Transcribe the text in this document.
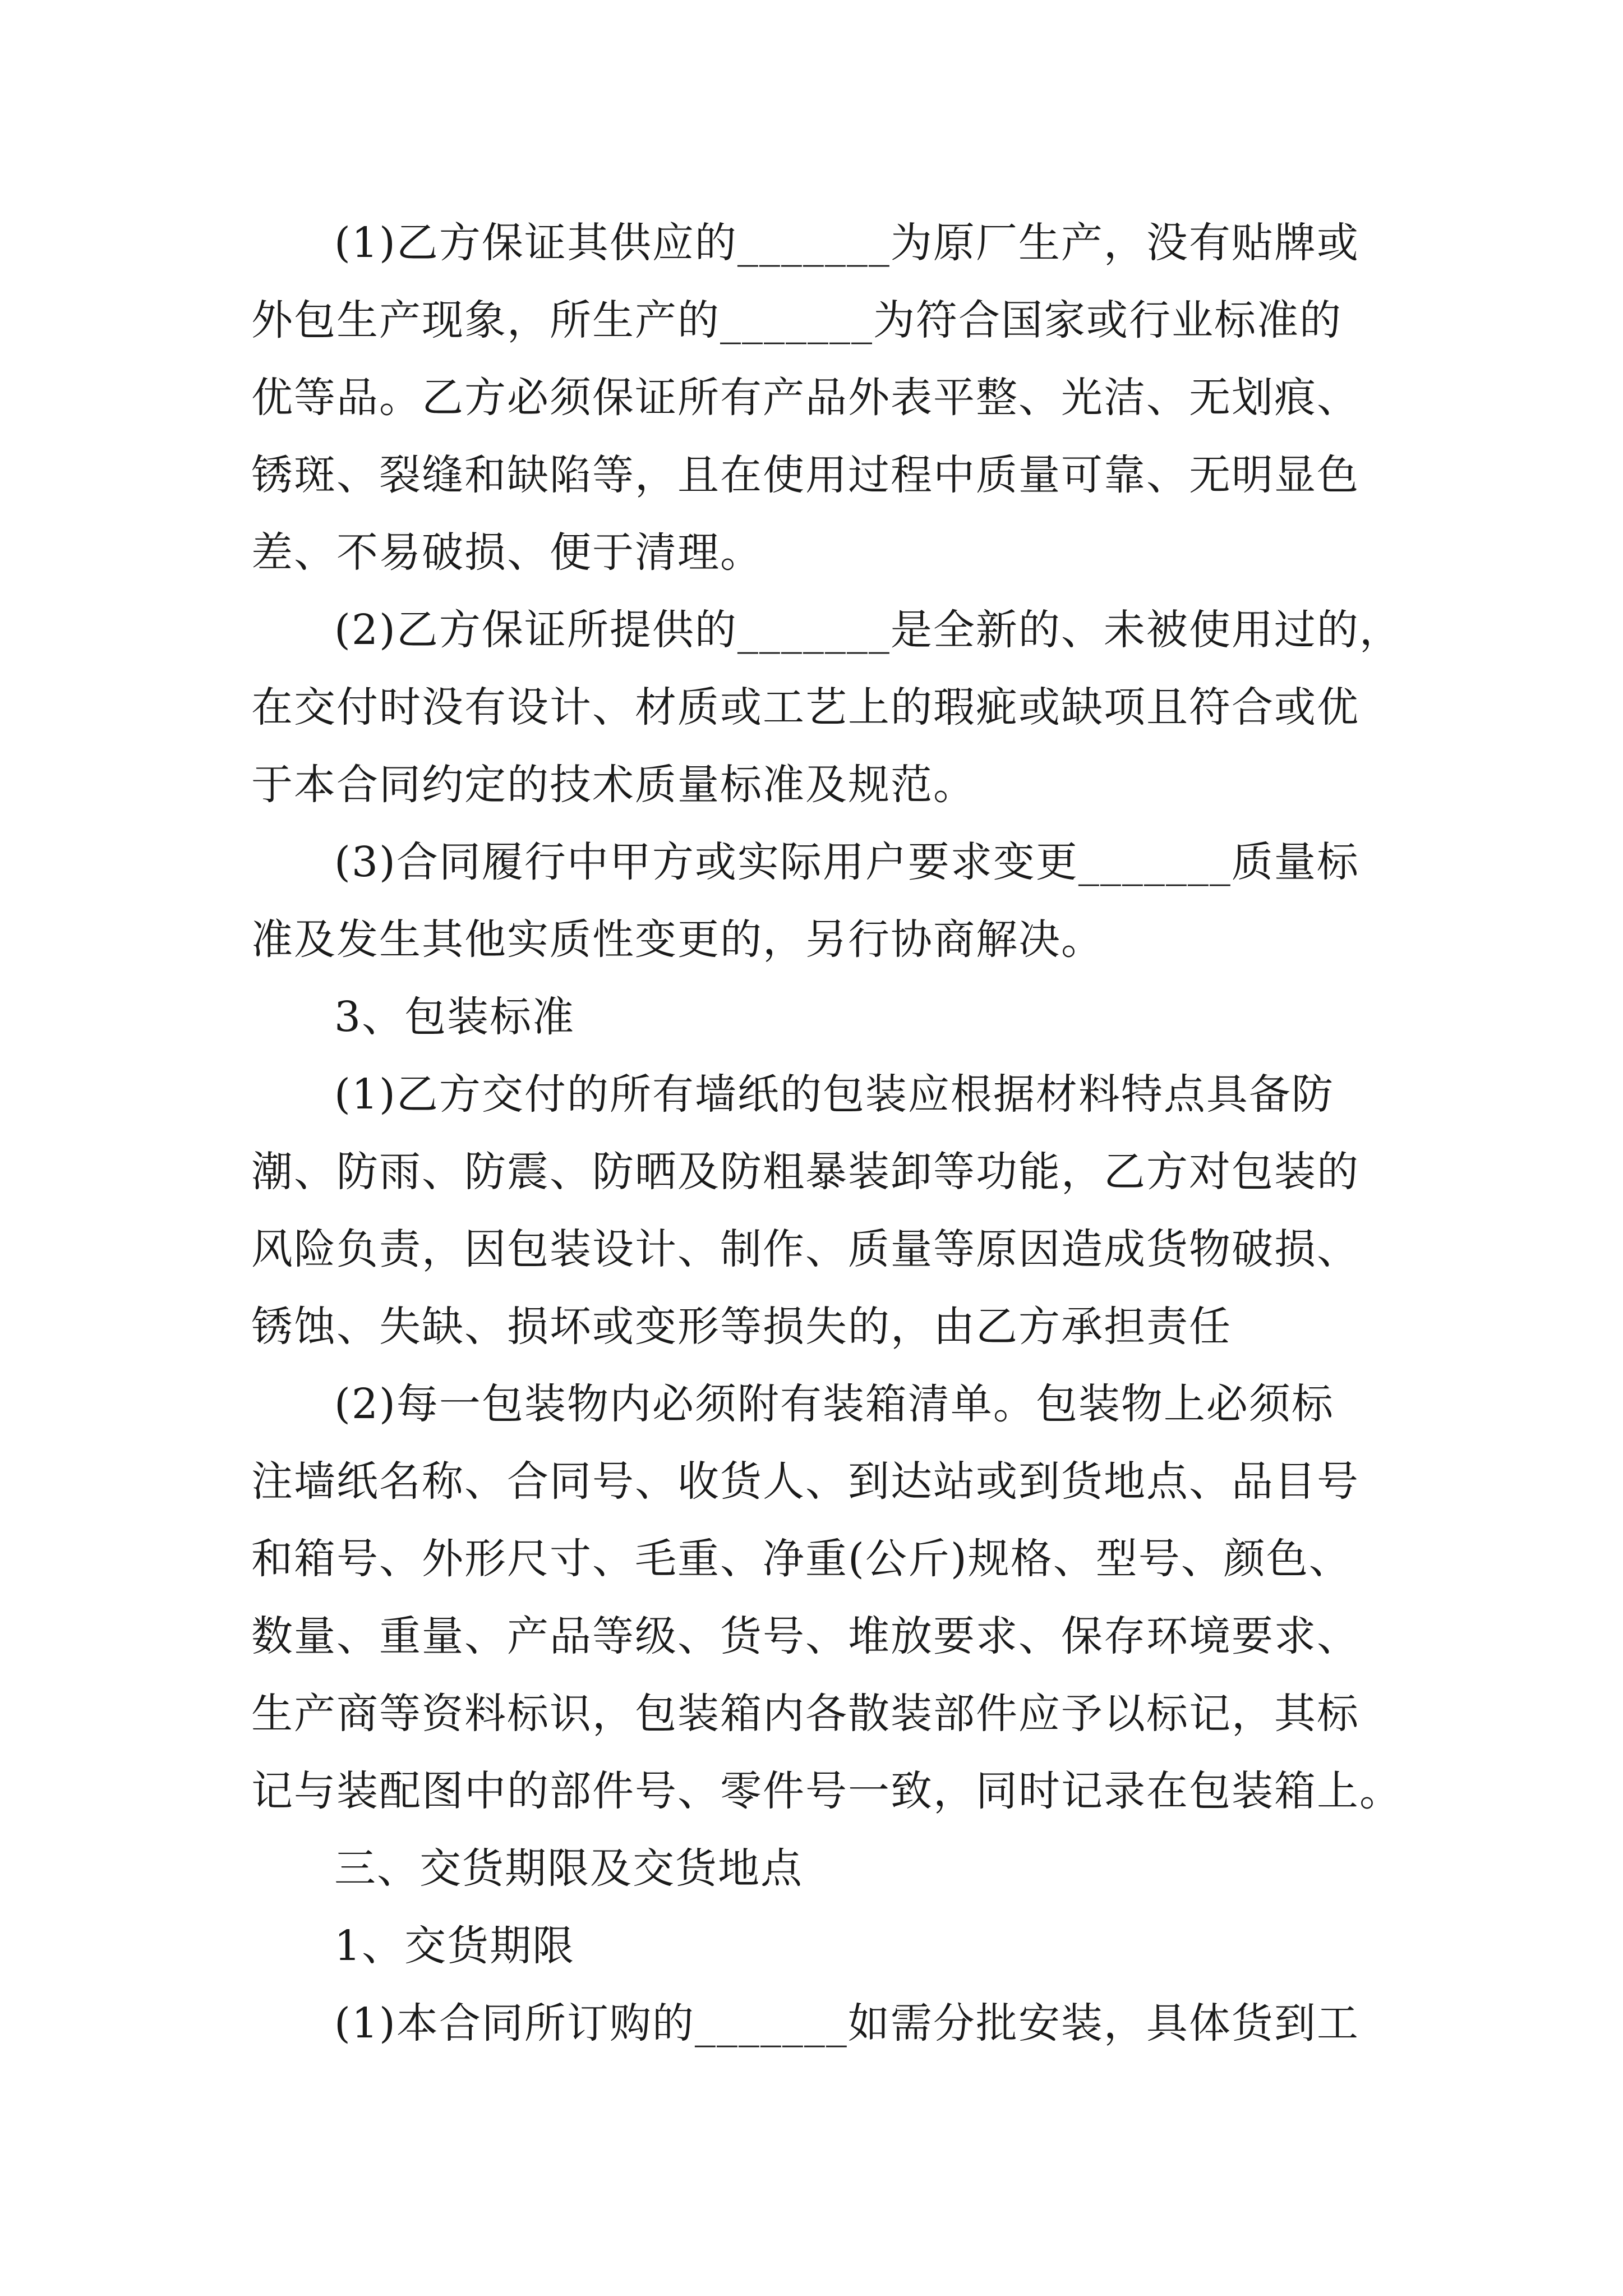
(1)乙方保证其供应的_______为原厂生产，没有贴牌或

外包生产现象，所生产的_______为符合国家或行业标准的

优等品。乙方必须保证所有产品外表平整、光洁、无划痕、

锈斑、裂缝和缺陷等，且在使用过程中质量可靠、无明显色

差、不易破损、便于清理。

(2)乙方保证所提供的_______是全新的、未被使用过的，

在交付时没有设计、材质或工艺上的瑕疵或缺项且符合或优

于本合同约定的技术质量标准及规范。

(3)合同履行中甲方或实际用户要求变更_______质量标

准及发生其他实质性变更的，另行协商解决。

3、包装标准

(1)乙方交付的所有墙纸的包装应根据材料特点具备防

潮、防雨、防震、防晒及防粗暴装卸等功能，乙方对包装的

风险负责，因包装设计、制作、质量等原因造成货物破损、

锈蚀、失缺、损坏或变形等损失的，由乙方承担责任

(2)每一包装物内必须附有装箱清单。包装物上必须标

注墙纸名称、合同号、收货人、到达站或到货地点、品目号

和箱号、外形尺寸、毛重、净重(公斤)规格、型号、颜色、

数量、重量、产品等级、货号、堆放要求、保存环境要求、

生产商等资料标识，包装箱内各散装部件应予以标记，其标

记与装配图中的部件号、零件号一致，同时记录在包装箱上。

三、交货期限及交货地点

1、交货期限

(1)本合同所订购的_______如需分批安装，具体货到工
